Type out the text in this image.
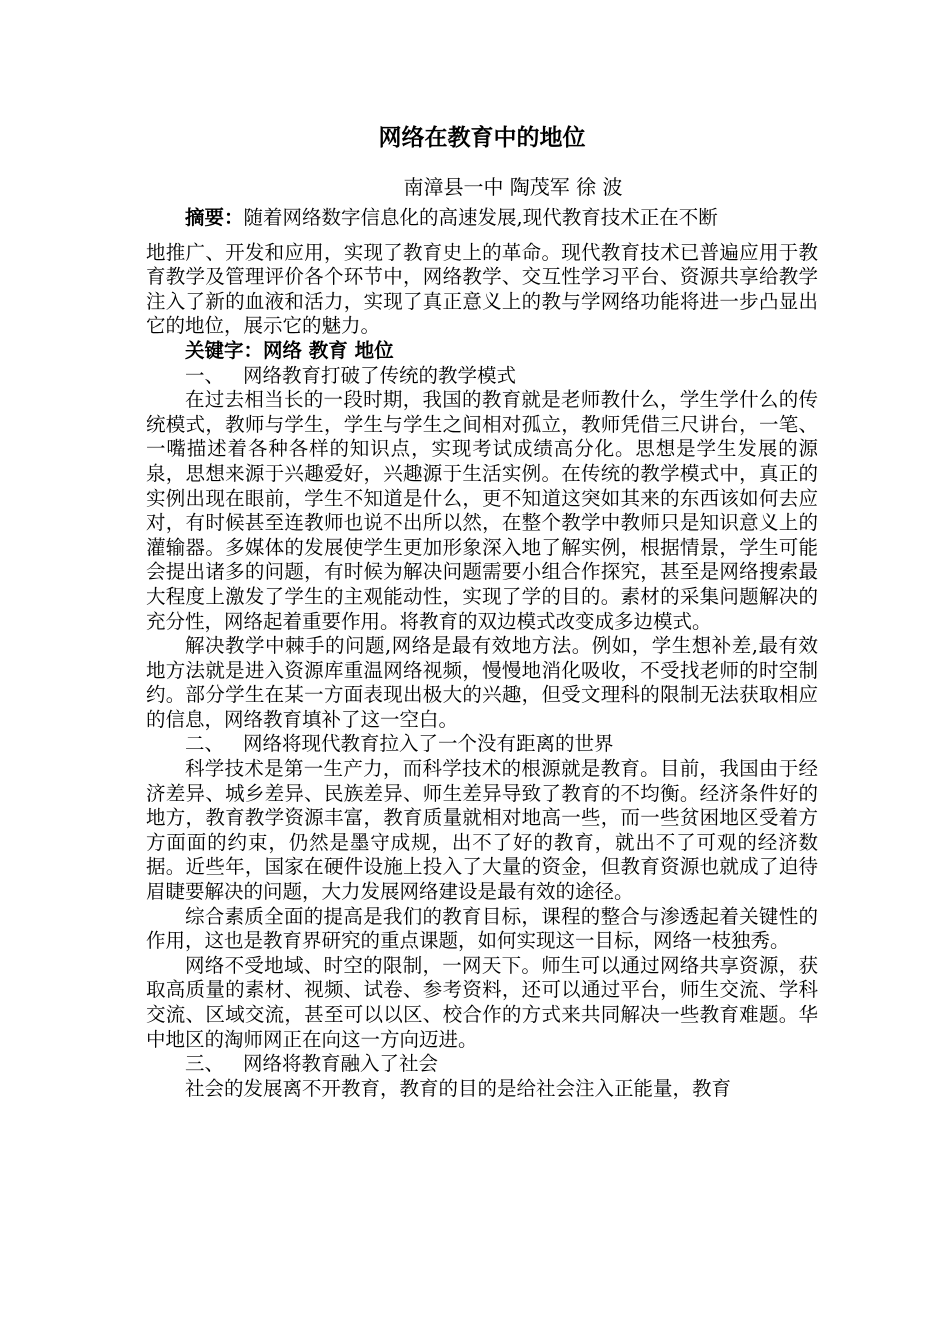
网络在教育中的地位
南漳县一中 陶茂军 徐 波
摘要：随着网络数字信息化的高速发展,现代教育技术正在不断

地推广、开发和应用，实现了教育史上的革命。现代教育技术已普遍应用于教育教学及管理评价各个环节中，网络教学、交互性学习平台、资源共享给教学注入了新的血液和活力，实现了真正意义上的教与学网络功能将进一步凸显出它的地位，展示它的魅力。

关键字：网络 教育 地位
一、 网络教育打破了传统的教学模式

在过去相当长的一段时期，我国的教育就是老师教什么，学生学什么的传统模式，教师与学生，学生与学生之间相对孤立，教师凭借三尺讲台，一笔、一嘴描述着各种各样的知识点，实现考试成绩高分化。思想是学生发展的源泉，思想来源于兴趣爱好，兴趣源于生活实例。在传统的教学模式中，真正的实例出现在眼前，学生不知道是什么，更不知道这突如其来的东西该如何去应对，有时候甚至连教师也说不出所以然，在整个教学中教师只是知识意义上的灌输器。多媒体的发展使学生更加形象深入地了解实例，根据情景，学生可能会提出诸多的问题，有时候为解决问题需要小组合作探究，甚至是网络搜索最大程度上激发了学生的主观能动性，实现了学的目的。素材的采集问题解决的充分性，网络起着重要作用。将教育的双边模式改变成多边模式。

解决教学中棘手的问题,网络是最有效地方法。例如，学生想补差,最有效地方法就是进入资源库重温网络视频，慢慢地消化吸收，不受找老师的时空制约。部分学生在某一方面表现出极大的兴趣，但受文理科的限制无法获取相应的信息，网络教育填补了这一空白。

二、 网络将现代教育拉入了一个没有距离的世界

科学技术是第一生产力，而科学技术的根源就是教育。目前，我国由于经济差异、城乡差异、民族差异、师生差异导致了教育的不均衡。经济条件好的地方，教育教学资源丰富，教育质量就相对地高一些，而一些贫困地区受着方方面面的约束，仍然是墨守成规，出不了好的教育，就出不了可观的经济数据。近些年，国家在硬件设施上投入了大量的资金，但教育资源也就成了迫待眉睫要解决的问题，大力发展网络建设是最有效的途径。

综合素质全面的提高是我们的教育目标，课程的整合与渗透起着关键性的作用，这也是教育界研究的重点课题，如何实现这一目标，网络一枝独秀。

网络不受地域、时空的限制，一网天下。师生可以通过网络共享资源，获取高质量的素材、视频、试卷、参考资料，还可以通过平台，师生交流、学科交流、区域交流，甚至可以以区、校合作的方式来共同解决一些教育难题。华中地区的淘师网正在向这一方向迈进。

三、 网络将教育融入了社会

社会的发展离不开教育，教育的目的是给社会注入正能量，教育
